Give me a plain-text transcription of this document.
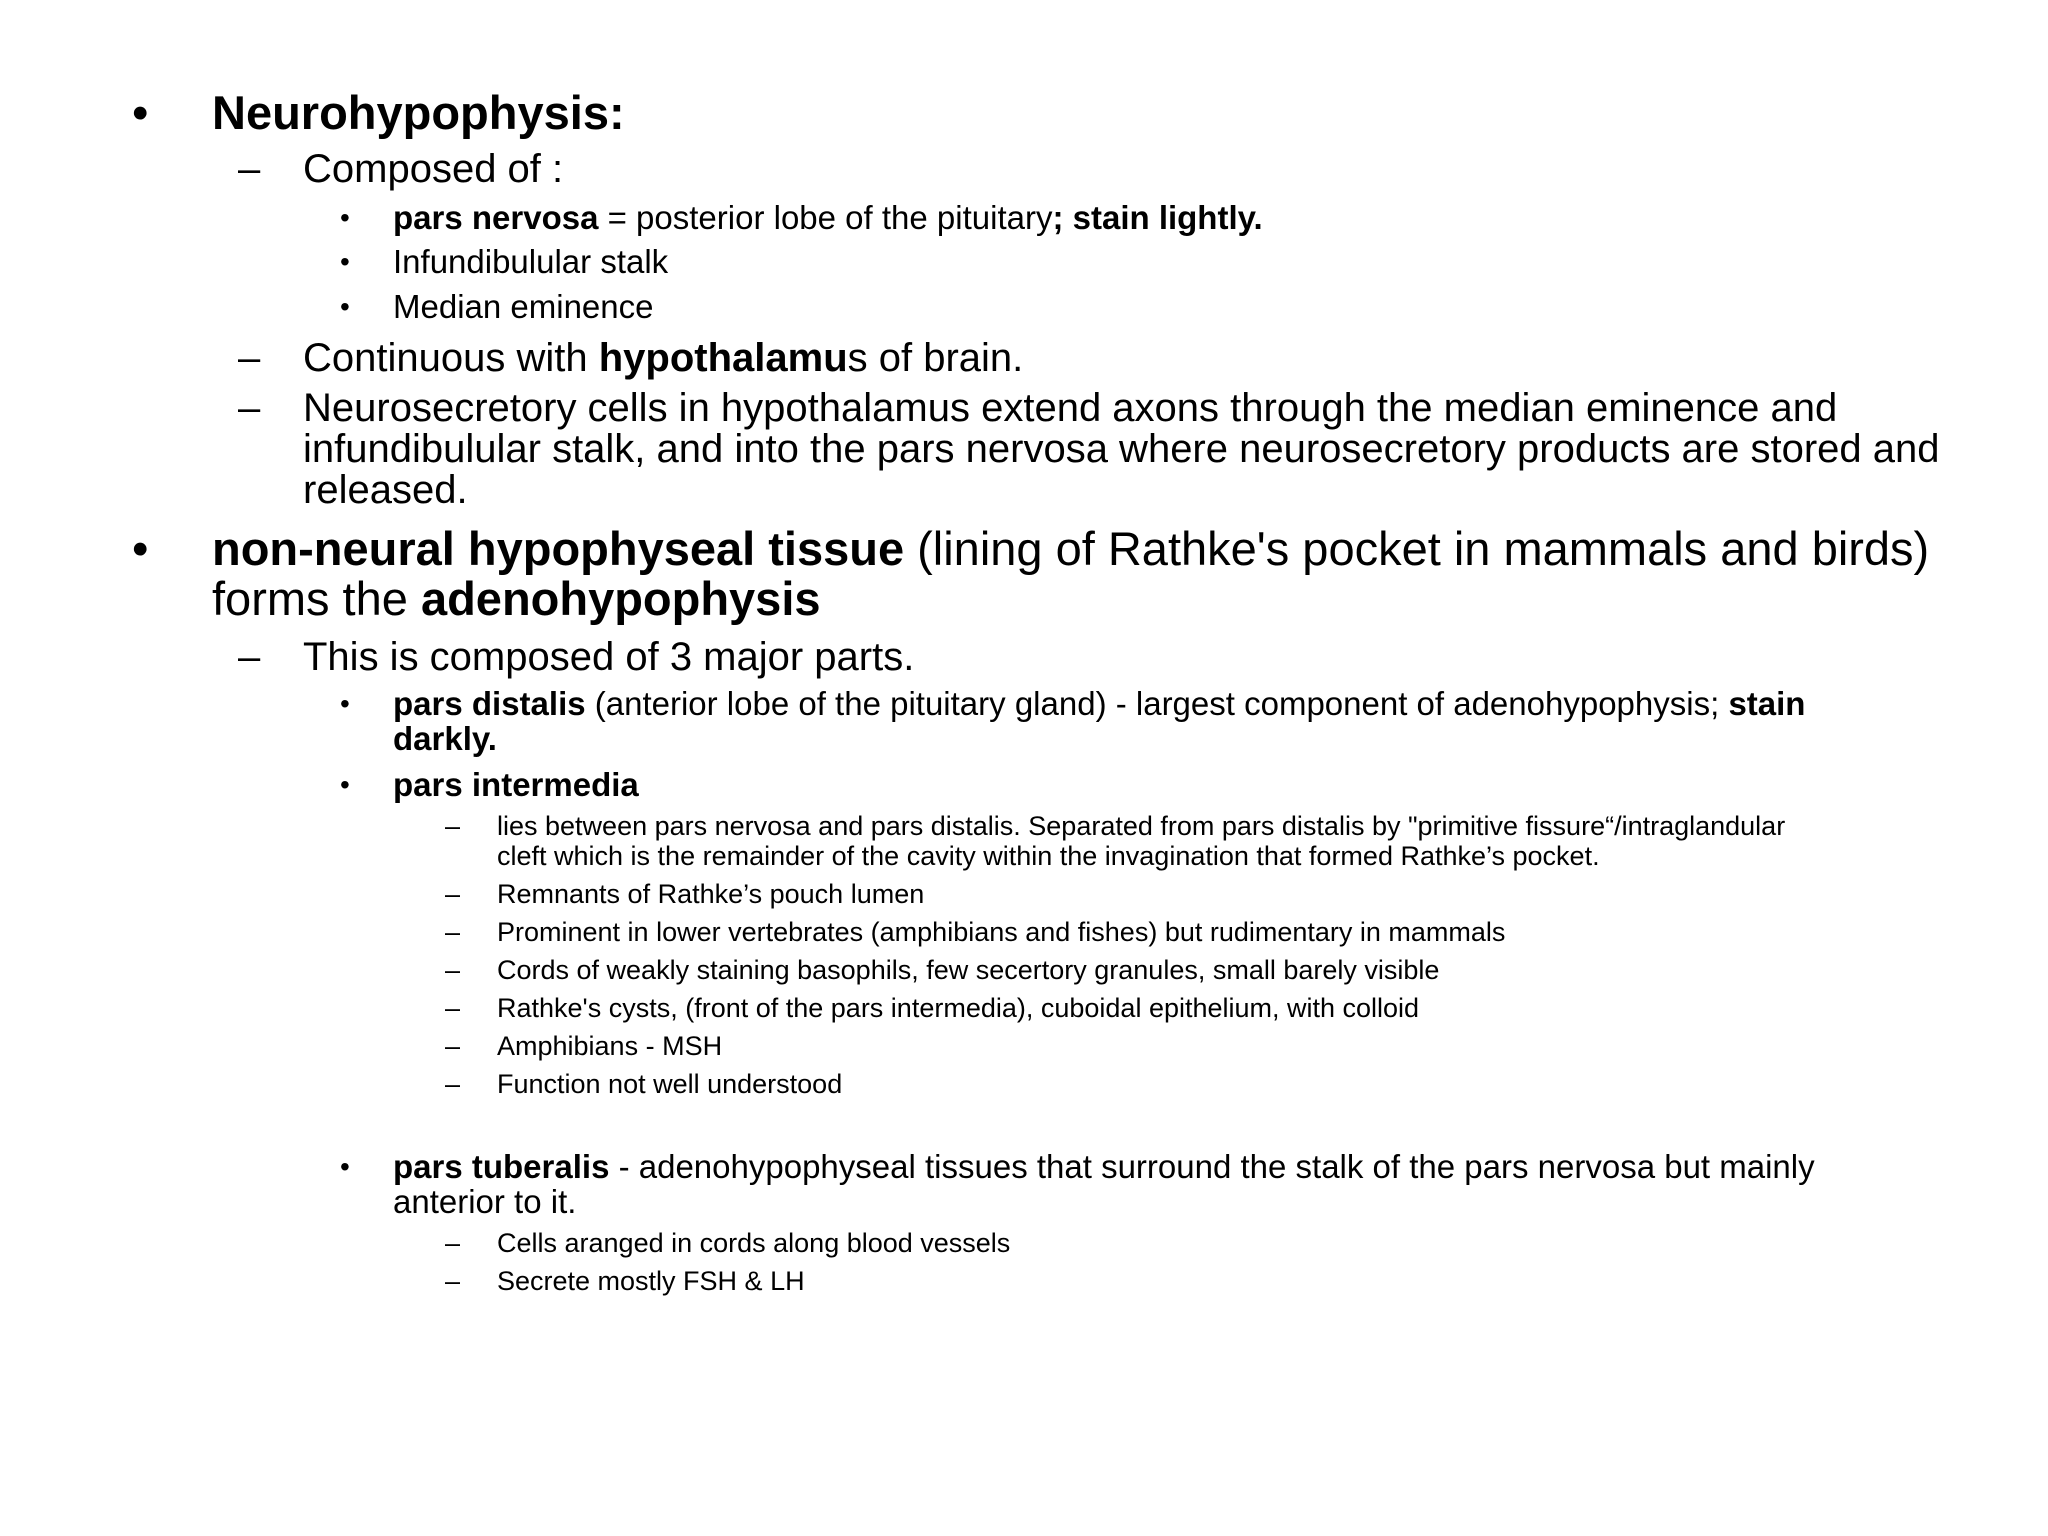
• Neurohypophysis:

– Composed of :

• pars nervosa = posterior lobe of the pituitary; stain lightly.

• Infundibulular stalk

• Median eminence

– Continuous with hypothalamus of brain.

– Neurosecretory cells in hypothalamus extend axons through the median eminence and

infundibulular stalk, and into the pars nervosa where neurosecretory products are stored and

released.

• non-neural hypophyseal tissue (lining of Rathke's pocket in mammals and birds)

forms the adenohypophysis

– This is composed of 3 major parts.

• pars distalis (anterior lobe of the pituitary gland) - largest component of adenohypophysis; stain

darkly.

• pars intermedia

– lies between pars nervosa and pars distalis. Separated from pars distalis by "primitive fissure“/intraglandular

cleft which is the remainder of the cavity within the invagination that formed Rathke’s pocket.

– Remnants of Rathke’s pouch lumen

– Prominent in lower vertebrates (amphibians and fishes) but rudimentary in mammals

– Cords of weakly staining basophils, few secertory granules, small barely visible

– Rathke's cysts, (front of the pars intermedia), cuboidal epithelium, with colloid

– Amphibians - MSH

– Function not well understood

• pars tuberalis - adenohypophyseal tissues that surround the stalk of the pars nervosa but mainly

anterior to it.

– Cells aranged in cords along blood vessels

– Secrete mostly FSH & LH
